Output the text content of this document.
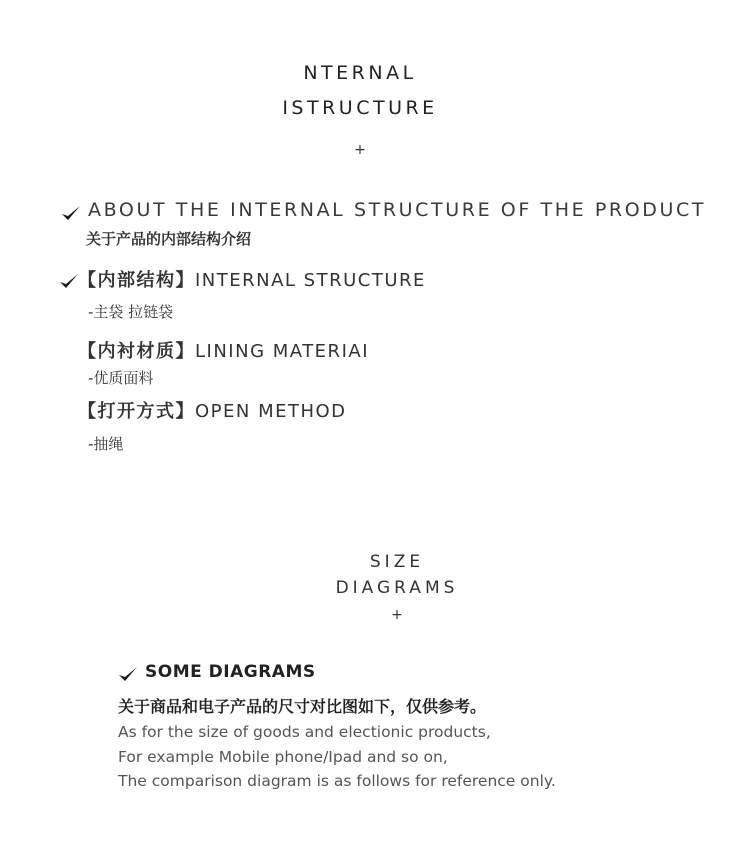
NTERNAL
ISTRUCTURE
+
ABOUT THE INTERNAL STRUCTURE OF THE PRODUCT
关于产品的内部结构介绍
【内部结构】INTERNAL STRUCTURE
-主袋 拉链袋
【内衬材质】LINING MATERIAI
-优质面料
【打开方式】OPEN METHOD
-抽绳
SIZE
DIAGRAMS
+
SOME DIAGRAMS
关于商品和电子产品的尺寸对比图如下，仅供参考。
As for the size of goods and electionic products,
For example Mobile phone/Ipad and so on,
The comparison diagram is as follows for reference only.
